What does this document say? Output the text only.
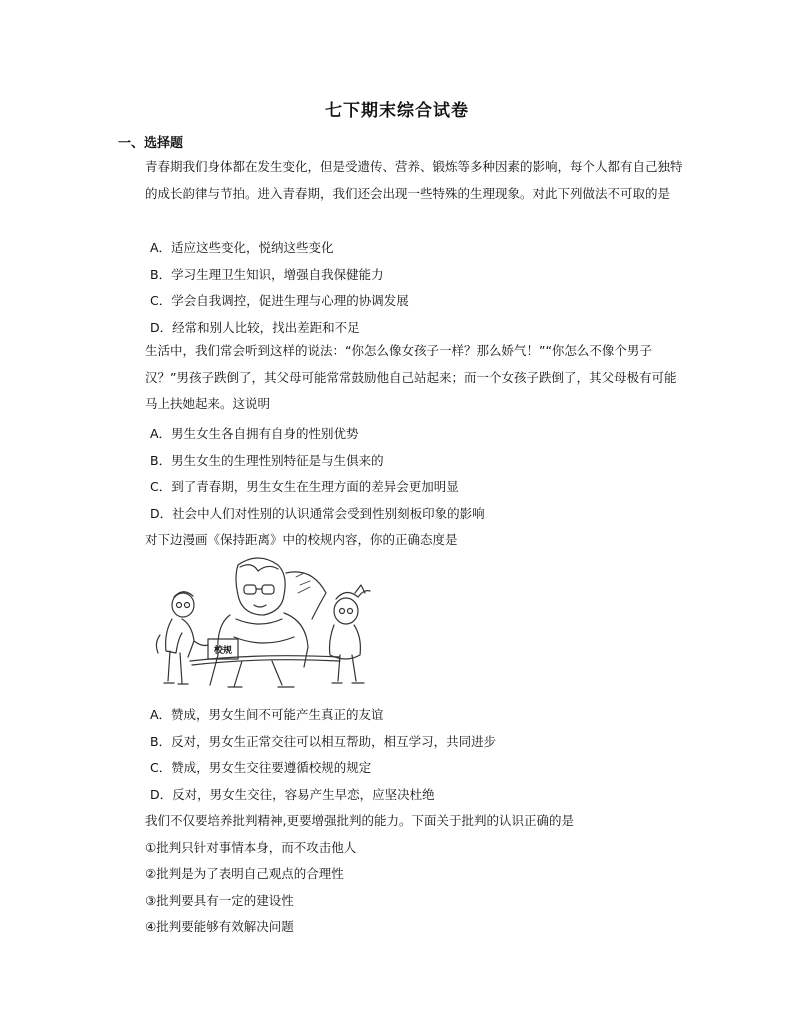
七下期末综合试卷
一、选择题
青春期我们身体都在发生变化，但是受遗传、营养、锻炼等多种因素的影响，每个人都有自己独特的成长韵律与节拍。进入青春期，我们还会出现一些特殊的生理现象。对此下列做法不可取的是
A．适应这些变化，悦纳这些变化
B．学习生理卫生知识，增强自我保健能力
C．学会自我调控，促进生理与心理的协调发展
D．经常和别人比较，找出差距和不足
生活中，我们常会听到这样的说法：“你怎么像女孩子一样？那么娇气！”“你怎么不像个男子汉？”男孩子跌倒了，其父母可能常常鼓励他自己站起来；而一个女孩子跌倒了，其父母极有可能马上扶她起来。这说明
A．男生女生各自拥有自身的性别优势
B．男生女生的生理性别特征是与生俱来的
C．到了青春期，男生女生在生理方面的差异会更加明显
D．社会中人们对性别的认识通常会受到性别刻板印象的影响
对下边漫画《保持距离》中的校规内容，你的正确态度是
校规
A．赞成，男女生间不可能产生真正的友谊
B．反对，男女生正常交往可以相互帮助，相互学习，共同进步
C．赞成，男女生交往要遵循校规的规定
D．反对，男女生交往，容易产生早恋，应坚决杜绝
我们不仅要培养批判精神,更要增强批判的能力。下面关于批判的认识正确的是
①批判只针对事情本身，而不攻击他人
②批判是为了表明自己观点的合理性
③批判要具有一定的建设性
④批判要能够有效解决问题
